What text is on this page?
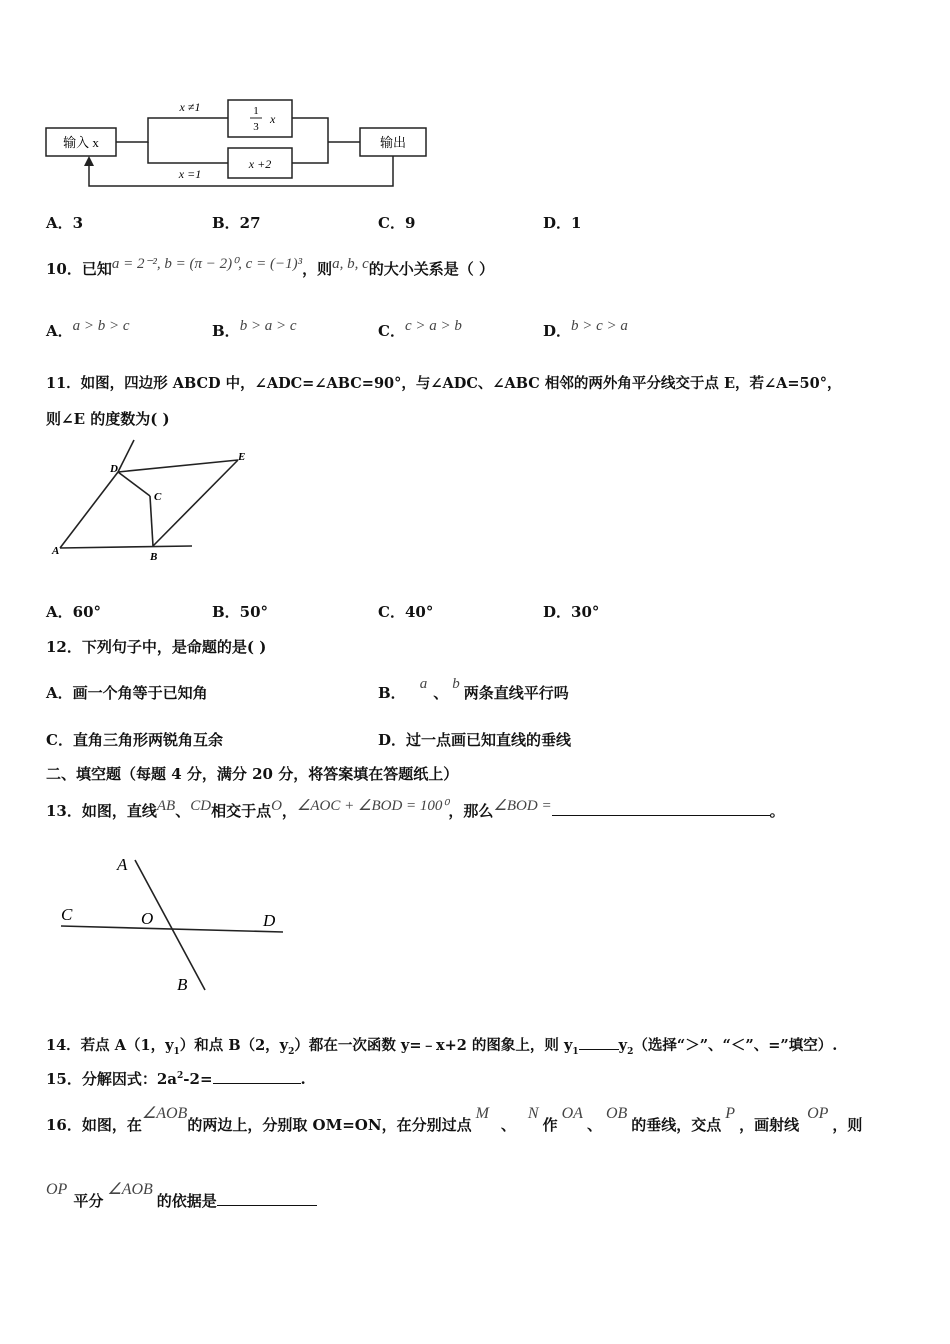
输入 x
x ≠1	1
3
x
x +2
x =1
输出
A．3	B．27	C．9	D．1
10．已知a = 2⁻², b = (π − 2)⁰, c = (−1)³，则a, b, c的大小关系是（ ）
A．a > b > c	B．b > a > c	C．c > a > b	D．b > c > a
11．如图，四边形 ABCD 中，∠ADC=∠ABC=90°，与∠ADC、∠ABC 相邻的两外角平分线交于点 E，若∠A=50°，
则∠E 的度数为( )
D
E
C
A	B
A．60°	B．50°	C．40°	D．30°
12．下列句子中，是命题的是( )
A．画一个角等于已知角	B． a 、 b 两条直线平行吗
C．直角三角形两锐角互余	D．过一点画已知直线的垂线
二、填空题（每题 4 分，满分 20 分，将答案填在答题纸上）
13．如图，直线AB、CD相交于点O，∠AOC + ∠BOD = 100⁰，那么∠BOD =	。
A
C	O	D
B
14．若点 A（1，$y_1$）和点 B（2，$y_2$）都在一次函数 y=﹣x+2 的图象上，则 $y_1$	$y_2$（选择“＞”、“＜”、=”填空）.
15．分解因式：$2a^2-2=$	.
16．如图，在∠AOB的两边上，分别取 OM=ON，在分别过点M、N作OA、OB的垂线，交点P，画射线OP，则
OP平分∠AOB的依据是
